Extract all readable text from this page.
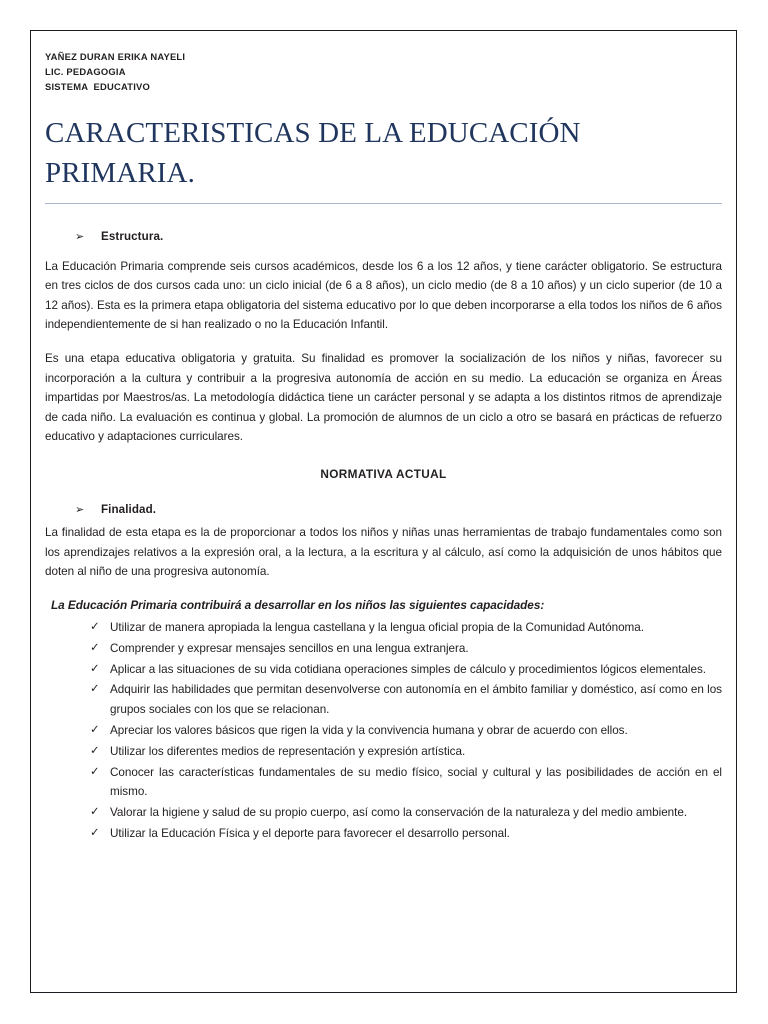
YAÑEZ DURAN ERIKA NAYELI
LIC. PEDAGOGIA
SISTEMA  EDUCATIVO
CARACTERISTICAS DE LA EDUCACIÓN PRIMARIA.
➢	Estructura.

La Educación Primaria comprende seis cursos académicos, desde los 6 a los 12 años, y tiene carácter obligatorio. Se estructura en tres ciclos de dos cursos cada uno: un ciclo inicial (de 6 a 8 años), un ciclo medio (de 8 a 10 años) y un ciclo superior (de 10 a 12 años). Esta es la primera etapa obligatoria del sistema educativo por lo que deben incorporarse a ella todos los niños de 6 años independientemente de si han realizado o no la Educación Infantil.

Es una etapa educativa obligatoria y gratuita. Su finalidad es promover la socialización de los niños y niñas, favorecer su incorporación a la cultura y contribuir a la progresiva autonomía de acción en su medio. La educación se organiza en Áreas impartidas por Maestros/as. La metodología didáctica tiene un carácter personal y se adapta a los distintos ritmos de aprendizaje de cada niño. La evaluación es continua y global. La promoción de alumnos de un ciclo a otro se basará en prácticas de refuerzo educativo y adaptaciones curriculares.

NORMATIVA ACTUAL
➢	Finalidad.

La finalidad de esta etapa es la de proporcionar a todos los niños y niñas unas herramientas de trabajo fundamentales como son los aprendizajes relativos a la expresión oral, a la lectura, a la escritura y al cálculo, así como la adquisición de unos hábitos que doten al niño de una progresiva autonomía.

La Educación Primaria contribuirá a desarrollar en los niños las siguientes capacidades:
✓ Utilizar de manera apropiada la lengua castellana y la lengua oficial propia de la Comunidad Autónoma.
✓ Comprender y expresar mensajes sencillos en una lengua extranjera.
✓ Aplicar a las situaciones de su vida cotidiana operaciones simples de cálculo y procedimientos lógicos elementales.
✓ Adquirir las habilidades que permitan desenvolverse con autonomía en el ámbito familiar y doméstico, así como en los grupos sociales con los que se relacionan.
✓ Apreciar los valores básicos que rigen la vida y la convivencia humana y obrar de acuerdo con ellos.
✓ Utilizar los diferentes medios de representación y expresión artística.
✓ Conocer las características fundamentales de su medio físico, social y cultural y las posibilidades de acción en el mismo.
✓ Valorar la higiene y salud de su propio cuerpo, así como la conservación de la naturaleza y del medio ambiente.
✓ Utilizar la Educación Física y el deporte para favorecer el desarrollo personal.
